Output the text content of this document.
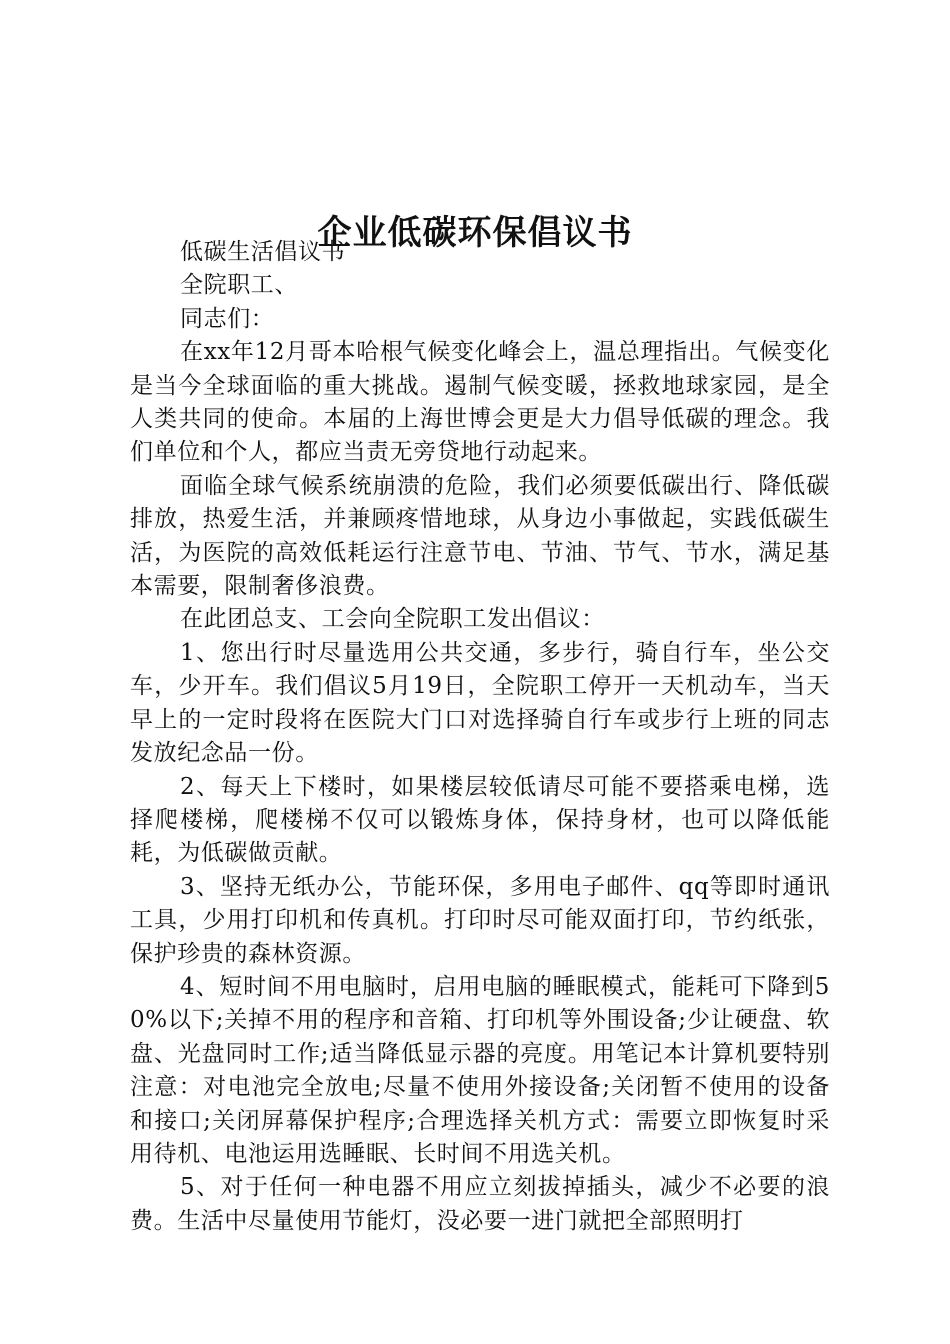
企业低碳环保倡议书

低碳生活倡议书

全院职工、

同志们：

在xx年12月哥本哈根气候变化峰会上，温总理指出。气候变化是当今全球面临的重大挑战。遏制气候变暖，拯救地球家园，是全人类共同的使命。本届的上海世博会更是大力倡导低碳的理念。我们单位和个人，都应当责无旁贷地行动起来。

面临全球气候系统崩溃的危险，我们必须要低碳出行、降低碳排放，热爱生活，并兼顾疼惜地球，从身边小事做起，实践低碳生活，为医院的高效低耗运行注意节电、节油、节气、节水，满足基本需要，限制奢侈浪费。

在此团总支、工会向全院职工发出倡议：

1、您出行时尽量选用公共交通，多步行，骑自行车，坐公交车，少开车。我们倡议5月19日，全院职工停开一天机动车，当天早上的一定时段将在医院大门口对选择骑自行车或步行上班的同志发放纪念品一份。

2、每天上下楼时，如果楼层较低请尽可能不要搭乘电梯，选择爬楼梯，爬楼梯不仅可以锻炼身体，保持身材，也可以降低能耗，为低碳做贡献。

3、坚持无纸办公，节能环保，多用电子邮件、qq等即时通讯工具，少用打印机和传真机。打印时尽可能双面打印，节约纸张，保护珍贵的森林资源。

4、短时间不用电脑时，启用电脑的睡眠模式，能耗可下降到50%以下;关掉不用的程序和音箱、打印机等外围设备;少让硬盘、软盘、光盘同时工作;适当降低显示器的亮度。用笔记本计算机要特别注意：对电池完全放电;尽量不使用外接设备;关闭暂不使用的设备和接口;关闭屏幕保护程序;合理选择关机方式：需要立即恢复时采用待机、电池运用选睡眠、长时间不用选关机。

5、对于任何一种电器不用应立刻拔掉插头，减少不必要的浪费。生活中尽量使用节能灯，没必要一进门就把全部照明打
